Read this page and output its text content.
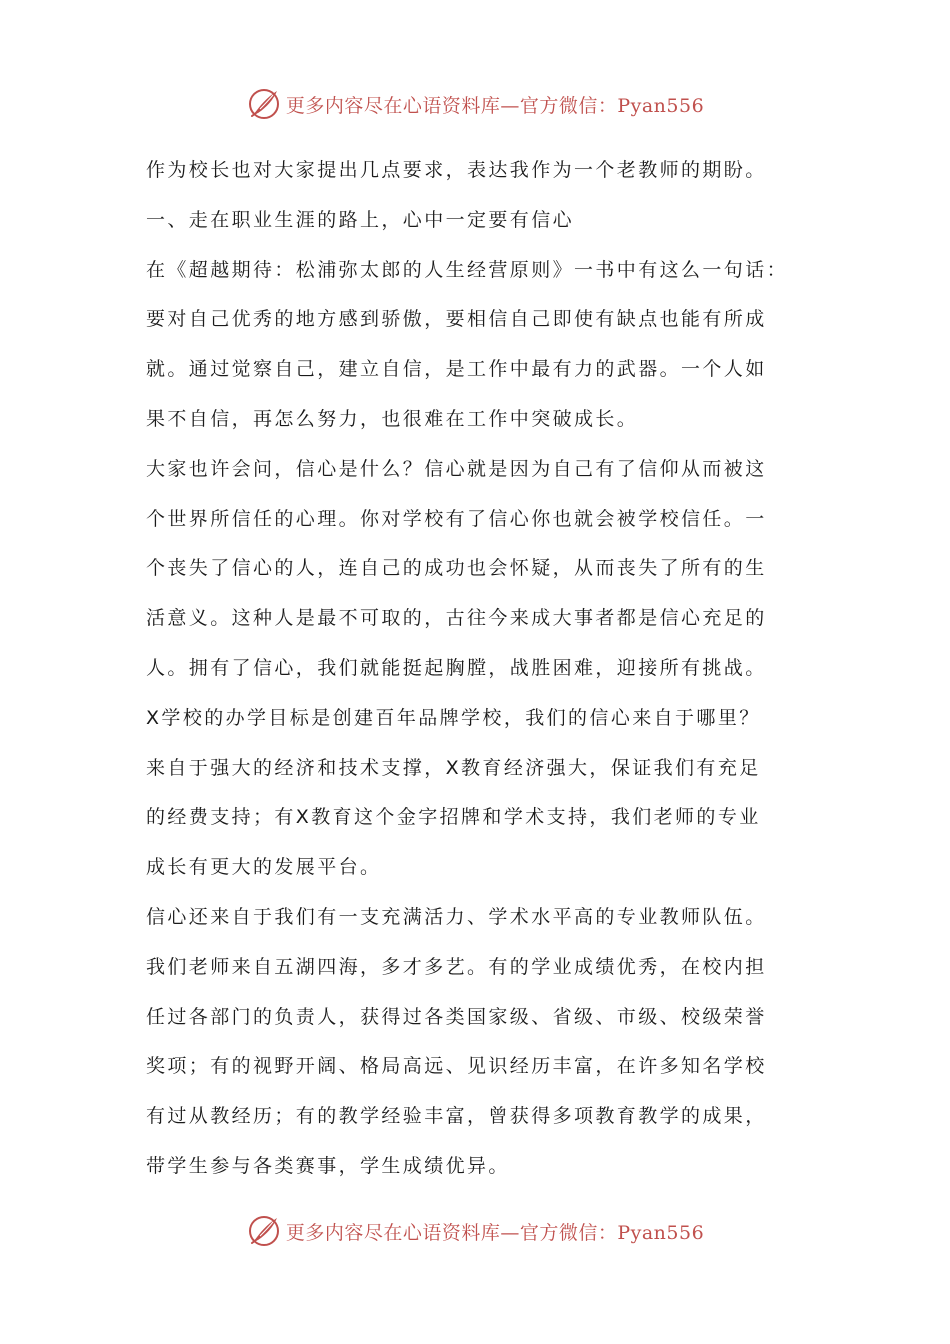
更多内容尽在心语资料库—官方微信：Pyan556
作为校长也对大家提出几点要求，表达我作为一个老教师的期盼。
一、走在职业生涯的路上，心中一定要有信心
在《超越期待：松浦弥太郎的人生经营原则》一书中有这么一句话：
要对自己优秀的地方感到骄傲，要相信自己即使有缺点也能有所成
就。通过觉察自己，建立自信，是工作中最有力的武器。一个人如
果不自信，再怎么努力，也很难在工作中突破成长。
大家也许会问，信心是什么？信心就是因为自己有了信仰从而被这
个世界所信任的心理。你对学校有了信心你也就会被学校信任。一
个丧失了信心的人，连自己的成功也会怀疑，从而丧失了所有的生
活意义。这种人是最不可取的，古往今来成大事者都是信心充足的
人。拥有了信心，我们就能挺起胸膛，战胜困难，迎接所有挑战。
X学校的办学目标是创建百年品牌学校，我们的信心来自于哪里？
来自于强大的经济和技术支撑，X教育经济强大，保证我们有充足
的经费支持；有X教育这个金字招牌和学术支持，我们老师的专业
成长有更大的发展平台。
信心还来自于我们有一支充满活力、学术水平高的专业教师队伍。
我们老师来自五湖四海，多才多艺。有的学业成绩优秀，在校内担
任过各部门的负责人，获得过各类国家级、省级、市级、校级荣誉
奖项；有的视野开阔、格局高远、见识经历丰富，在许多知名学校
有过从教经历；有的教学经验丰富，曾获得多项教育教学的成果，
带学生参与各类赛事，学生成绩优异。
更多内容尽在心语资料库—官方微信：Pyan556
